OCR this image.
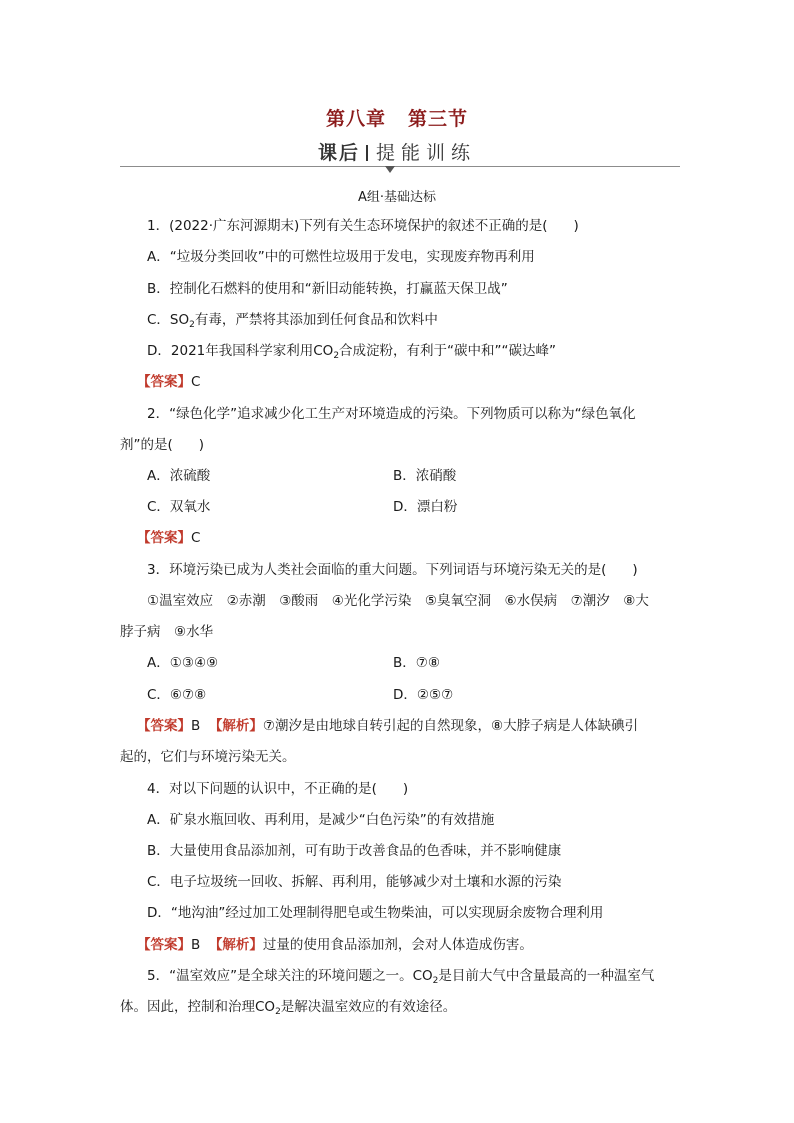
第八章 第三节
课后 提能训练
A组·基础达标
1．(2022·广东河源期末)下列有关生态环境保护的叙述不正确的是( )
A．“垃圾分类回收”中的可燃性垃圾用于发电，实现废弃物再利用
B．控制化石燃料的使用和“新旧动能转换，打赢蓝天保卫战”
C．$SO_2$有毒，严禁将其添加到任何食品和饮料中
D．2021年我国科学家利用$CO_2$合成淀粉，有利于“碳中和”“碳达峰”
【答案】C
2．“绿色化学”追求减少化工生产对环境造成的污染。下列物质可以称为“绿色氧化
剂”的是( )
A．浓硫酸	B．浓硝酸
C．双氧水	D．漂白粉
【答案】C
3．环境污染已成为人类社会面临的重大问题。下列词语与环境污染无关的是( )
①温室效应　②赤潮　③酸雨　④光化学污染　⑤臭氧空洞　⑥水俣病　⑦潮汐　⑧大
脖子病　⑨水华
A．①③④⑨	B．⑦⑧
C．⑥⑦⑧	D．②⑤⑦
【答案】B 【解析】⑦潮汐是由地球自转引起的自然现象，⑧大脖子病是人体缺碘引
起的，它们与环境污染无关。
4．对以下问题的认识中，不正确的是( )
A．矿泉水瓶回收、再利用，是减少“白色污染”的有效措施
B．大量使用食品添加剂，可有助于改善食品的色香味，并不影响健康
C．电子垃圾统一回收、拆解、再利用，能够减少对土壤和水源的污染
D．“地沟油”经过加工处理制得肥皂或生物柴油，可以实现厨余废物合理利用
【答案】B 【解析】过量的使用食品添加剂，会对人体造成伤害。
5．“温室效应”是全球关注的环境问题之一。$CO_2$是目前大气中含量最高的一种温室气
体。因此，控制和治理$CO_2$是解决温室效应的有效途径。
